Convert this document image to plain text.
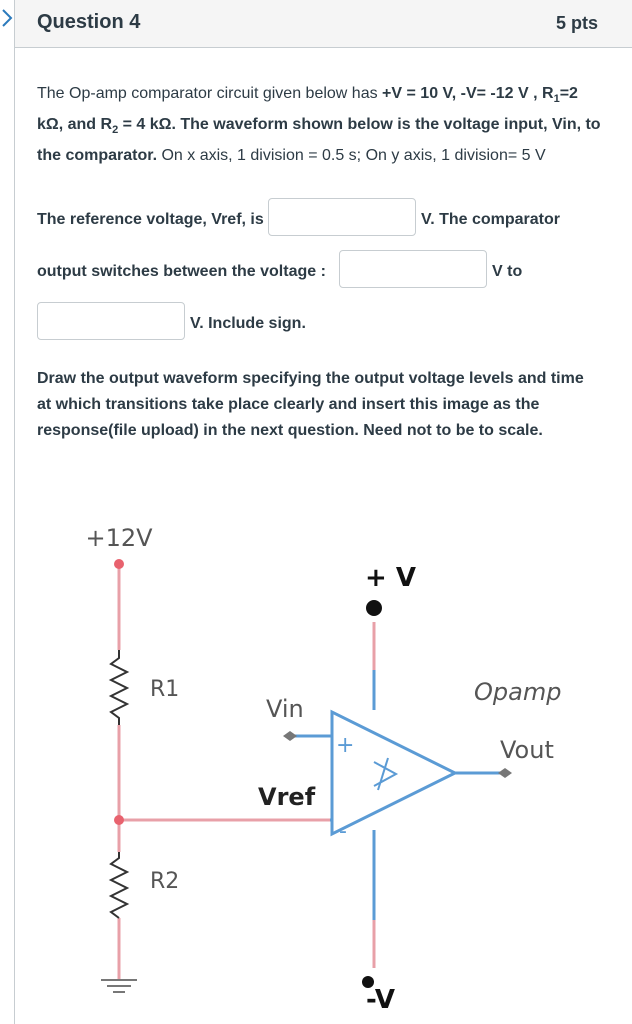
Question 4	5 pts
The Op-amp comparator circuit given below has +V = 10 V, -V= -12 V , $R_1=2$ kΩ, and $R_2 = 4$ kΩ. The waveform shown below is the voltage input, Vin, to the comparator. On x axis, 1 division = 0.5 s; On y axis, 1 division= 5 V
The reference voltage, Vref, is	V. The comparator
output switches between the voltage :	V to
V. Include sign.
Draw the output waveform specifying the output voltage levels and time at which transitions take place clearly and insert this image as the response(file upload) in the next question. Need not to be to scale.
+12V
R1
R2
Vin
Vref
+ V
-V
Opamp
Vout
+
-
